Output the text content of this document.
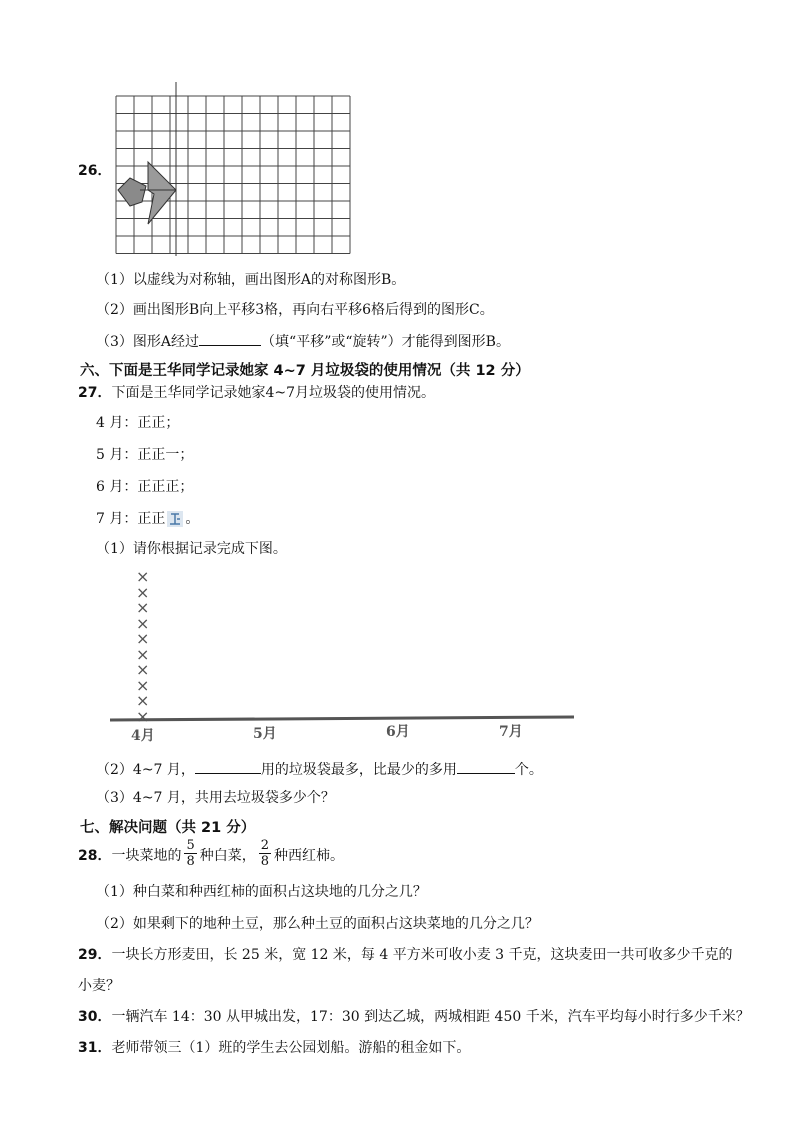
26．
（1）以虚线为对称轴，画出图形A的对称图形B。
（2）画出图形B向上平移3格，再向右平移6格后得到的图形C。
（3）图形A经过	（填“平移”或“旋转”）才能得到图形B。
六、下面是王华同学记录她家 4~7 月垃圾袋的使用情况（共 12 分）
27．下面是王华同学记录她家4~7月垃圾袋的使用情况。
4 月：正正；
5 月：正正一；
6 月：正正正；
7 月：正正 。
（1）请你根据记录完成下图。
×
×
×
×
×
×
×
×
×
×
4月	5月	6月	7月
（2）4~7 月，	用的垃圾袋最多，比最少的多用	个。
（3）4~7 月，共用去垃圾袋多少个？
七、解决问题（共 21 分）
28． 一块菜地的 $\frac{5}{8}$ 种白菜， $\frac{2}{8}$ 种西红柿。
（1）种白菜和种西红柿的面积占这块地的几分之几？
（2）如果剩下的地种土豆，那么种土豆的面积占这块菜地的几分之几？
29．一块长方形麦田，长 25 米，宽 12 米，每 4 平方米可收小麦 3 千克，这块麦田一共可收多少千克的
小麦？
30．一辆汽车 14：30 从甲城出发，17：30 到达乙城，两城相距 450 千米，汽车平均每小时行多少千米？
31．老师带领三（1）班的学生去公园划船。游船的租金如下。
